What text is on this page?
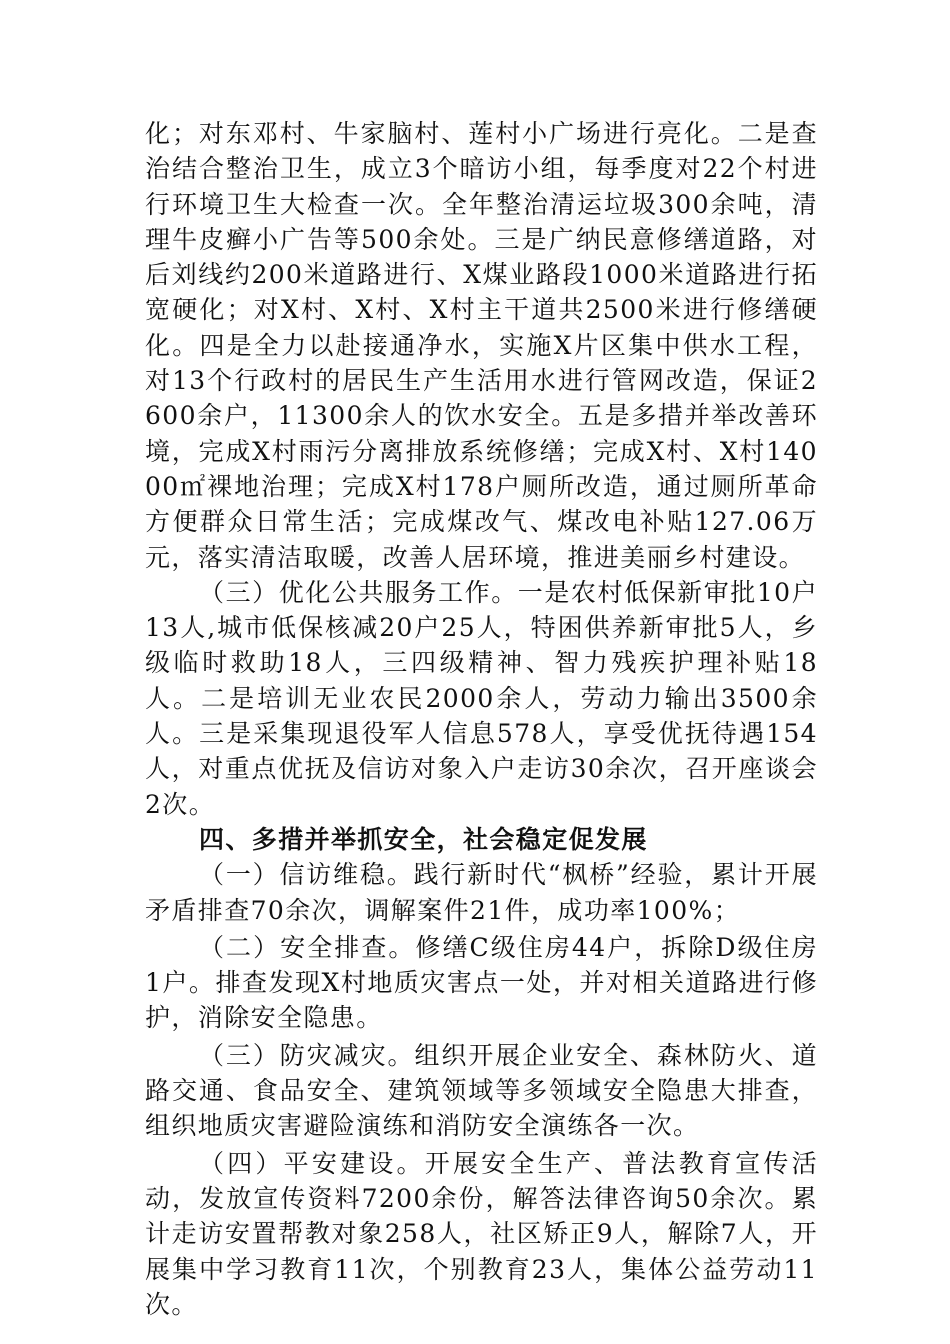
化；对东邓村、牛家脑村、莲村小广场进行亮化。二是查治结合整治卫生，成立3个暗访小组，每季度对22个村进行环境卫生大检查一次。全年整治清运垃圾300余吨，清理牛皮癣小广告等500余处。三是广纳民意修缮道路，对后刘线约200米道路进行、X煤业路段1000米道路进行拓宽硬化；对X村、X村、X村主干道共2500米进行修缮硬化。四是全力以赴接通净水，实施X片区集中供水工程，对13个行政村的居民生产生活用水进行管网改造，保证2600余户，11300余人的饮水安全。五是多措并举改善环境，完成X村雨污分离排放系统修缮；完成X村、X村14000㎡裸地治理；完成X村178户厕所改造，通过厕所革命方便群众日常生活；完成煤改气、煤改电补贴127.06万元，落实清洁取暖，改善人居环境，推进美丽乡村建设。

（三）优化公共服务工作。一是农村低保新审批10户13人,城市低保核减20户25人，特困供养新审批5人，乡级临时救助18人，三四级精神、智力残疾护理补贴18人。二是培训无业农民2000余人，劳动力输出3500余人。三是采集现退役军人信息578人，享受优抚待遇154人，对重点优抚及信访对象入户走访30余次，召开座谈会2次。

四、多措并举抓安全，社会稳定促发展

（一）信访维稳。践行新时代“枫桥”经验，累计开展矛盾排查70余次，调解案件21件，成功率100%；

（二）安全排查。修缮C级住房44户，拆除D级住房1户。排查发现X村地质灾害点一处，并对相关道路进行修护，消除安全隐患。

（三）防灾减灾。组织开展企业安全、森林防火、道路交通、食品安全、建筑领域等多领域安全隐患大排查，组织地质灾害避险演练和消防安全演练各一次。

（四）平安建设。开展安全生产、普法教育宣传活动，发放宣传资料7200余份，解答法律咨询50余次。累计走访安置帮教对象258人，社区矫正9人，解除7人，开展集中学习教育11次，个别教育23人，集体公益劳动11次。
